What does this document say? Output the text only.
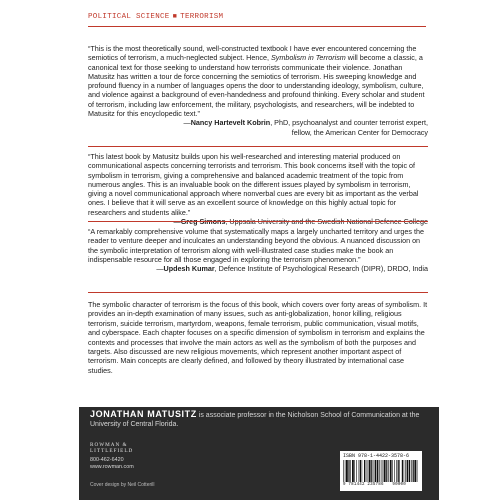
POLITICAL SCIENCE ■ TERRORISM

“This is the most theoretically sound, well-constructed textbook I have ever encountered concerning the semiotics of terrorism, a much-neglected subject. Hence, Symbolism in Terrorism will become a classic, a canonical text for those seeking to understand how terrorists communicate their violence. Jonathan Matusitz has written a tour de force concerning the semiotics of terrorism. His sweeping knowledge and profound fluency in a number of languages opens the door to understanding ideology, symbolism, culture, and violence against a background of even-handedness and profound thinking. Every scholar and student of terrorism, including law enforcement, the military, psychologists, and researchers, will be indebted to Matusitz for this encyclopedic text.”

—Nancy Hartevelt Kobrin, PhD, psychoanalyst and counter terrorist expert,
fellow, the American Center for Democracy

“This latest book by Matusitz builds upon his well-researched and interesting material produced on communicational aspects concerning terrorists and terrorism. This book concerns itself with the topic of symbolism in terrorism, giving a comprehensive and balanced academic treatment of the topic from numerous angles. This is an invaluable book on the different issues played by symbolism in terrorism, giving a novel communicational approach where nonverbal cues are every bit as important as the verbal ones. I believe that it will serve as an excellent source of knowledge on this highly actual topic for researchers and students alike.”

“A remarkably comprehensive volume that systematically maps a largely uncharted territory and urges the reader to venture deeper and inculcates an understanding beyond the obvious. A nuanced discussion on the symbolic interpretation of terrorism along with well-illustrated case studies make the book an indispensable resource for all those engaged in exploring the terrorism phenomenon.”

—Updesh Kumar, Defence Institute of Psychological Research (DIPR), DRDO, India

The symbolic character of terrorism is the focus of this book, which covers over forty areas of symbolism. It provides an in-depth examination of many issues, such as anti-globalization, honor killing, religious terrorism, suicide terrorism, martyrdom, weapons, female terrorism, public communication, visual motifs, and cyberspace. Each chapter focuses on a specific dimension of symbolism in terrorism and explains the contexts and processes that involve the main actors as well as the symbolism of both the purposes and targets. Also discussed are new religious movements, which represent another important aspect of terrorism. Main concepts are clearly defined, and followed by theory illustrated by international case studies.

JONATHAN MATUSITZ is associate professor in the Nicholson School of Communication at the University of Central Florida.
ROWMAN &
LITTLEFIELD
800-462-6420
www.rowman.com
Cover design by Neil Cotterill
ISBN 978-1-4422-3578-6
9 781442 235786 90000
